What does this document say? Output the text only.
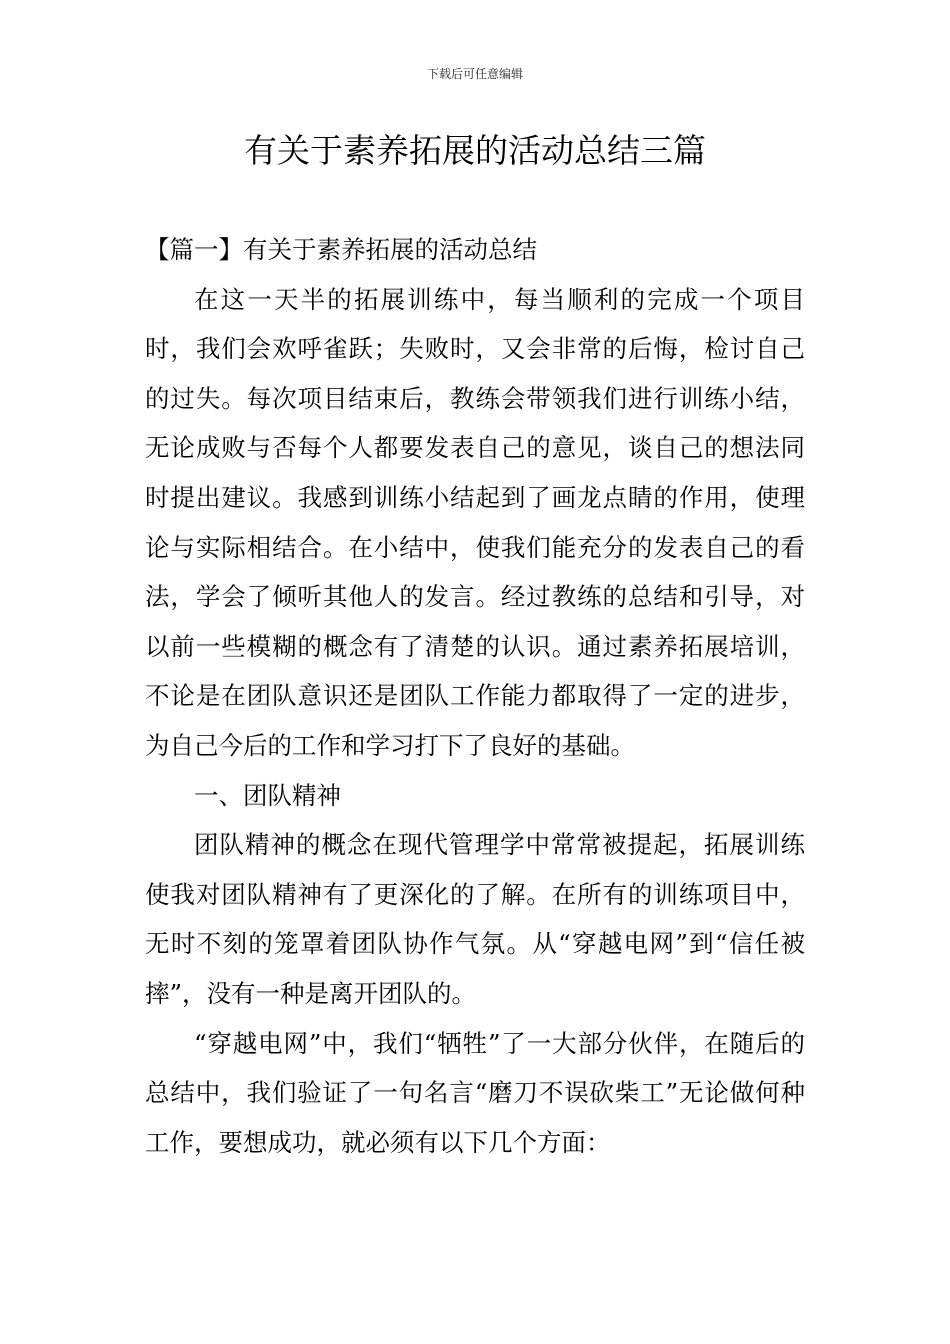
下载后可任意编辑
有关于素养拓展的活动总结三篇

【篇一】有关于素养拓展的活动总结

在这一天半的拓展训练中，每当顺利的完成一个项目时，我们会欢呼雀跃；失败时，又会非常的后悔，检讨自己的过失。每次项目结束后，教练会带领我们进行训练小结，无论成败与否每个人都要发表自己的意见，谈自己的想法同时提出建议。我感到训练小结起到了画龙点睛的作用，使理论与实际相结合。在小结中，使我们能充分的发表自己的看法，学会了倾听其他人的发言。经过教练的总结和引导，对以前一些模糊的概念有了清楚的认识。通过素养拓展培训，不论是在团队意识还是团队工作能力都取得了一定的进步，为自己今后的工作和学习打下了良好的基础。

一、团队精神

团队精神的概念在现代管理学中常常被提起，拓展训练使我对团队精神有了更深化的了解。在所有的训练项目中，无时不刻的笼罩着团队协作气氛。从“穿越电网”到“信任被摔”，没有一种是离开团队的。

“穿越电网”中，我们“牺牲”了一大部分伙伴，在随后的总结中，我们验证了一句名言“磨刀不误砍柴工”无论做何种工作，要想成功，就必须有以下几个方面：
